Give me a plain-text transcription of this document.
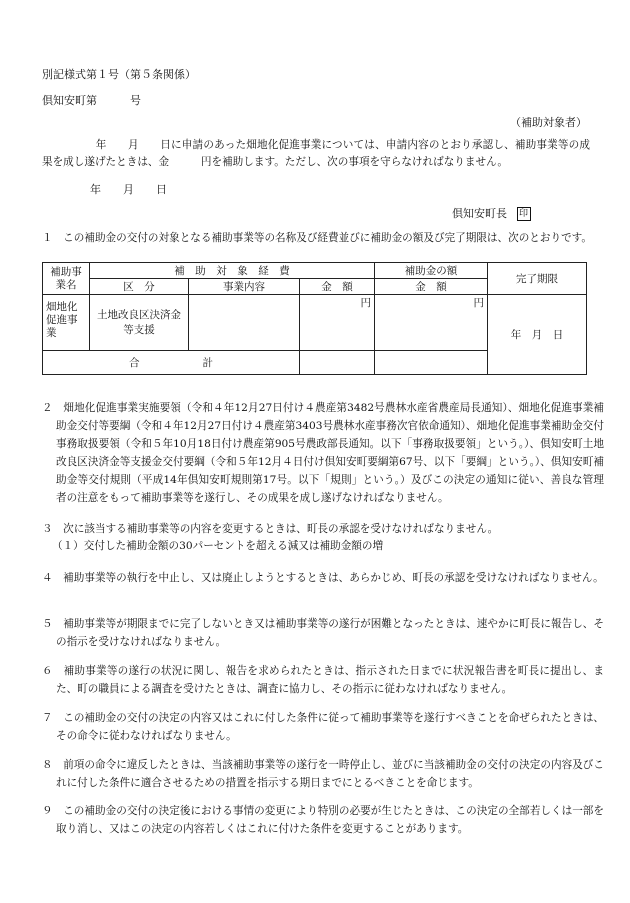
別記様式第１号（第５条関係）
倶知安町第　　　号
（補助対象者）
　　　　　年　　月　　日に申請のあった畑地化促進事業については、申請内容のとおり承認し、補助事業等の成果を成し遂げたときは、金　　　円を補助します。ただし、次の事項を守らなければなりません。
年　　月　　日
倶知安町長 印
１　この補助金の交付の対象となる補助事業等の名称及び経費並びに補助金の額及び完了期限は、次のとおりです。
補助事業名	補　助　対　象　経　費			補助金の額	完了期限
	区　分	事業内容	金　額	金　額	
畑地化促進事業	土地改良区決済金等支援		円	円	年　月　日
合　　　　　　計					
２　畑地化促進事業実施要領（令和４年12月27日付け４農産第3482号農林水産省農産局長通知）、畑地化促進事業補助金交付等要綱（令和４年12月27日付け４農産第3403号農林水産事務次官依命通知）、畑地化促進事業補助金交付事務取扱要領（令和５年10月18日付け農産第905号農政部長通知。以下「事務取扱要領」という。）、倶知安町土地改良区決済金等支援金交付要綱（令和５年12月４日付け倶知安町要綱第67号、以下「要綱」という。）、倶知安町補助金等交付規則（平成14年倶知安町規則第17号。以下「規則」という。）及びこの決定の通知に従い、善良な管理者の注意をもって補助事業等を遂行し、その成果を成し遂げなければなりません。
３　次に該当する補助事業等の内容を変更するときは、町長の承認を受けなければなりません。
（１）交付した補助金額の30パーセントを超える減又は補助金額の増
４　補助事業等の執行を中止し、又は廃止しようとするときは、あらかじめ、町長の承認を受けなければなりません。
５　補助事業等が期限までに完了しないとき又は補助事業等の遂行が困難となったときは、速やかに町長に報告し、その指示を受けなければなりません。
６　補助事業等の遂行の状況に関し、報告を求められたときは、指示された日までに状況報告書を町長に提出し、また、町の職員による調査を受けたときは、調査に協力し、その指示に従わなければなりません。
７　この補助金の交付の決定の内容又はこれに付した条件に従って補助事業等を遂行すべきことを命ぜられたときは、その命令に従わなければなりません。
８　前項の命令に違反したときは、当該補助事業等の遂行を一時停止し、並びに当該補助金の交付の決定の内容及びこれに付した条件に適合させるための措置を指示する期日までにとるべきことを命じます。
９　この補助金の交付の決定後における事情の変更により特別の必要が生じたときは、この決定の全部若しくは一部を取り消し、又はこの決定の内容若しくはこれに付けた条件を変更することがあります。
